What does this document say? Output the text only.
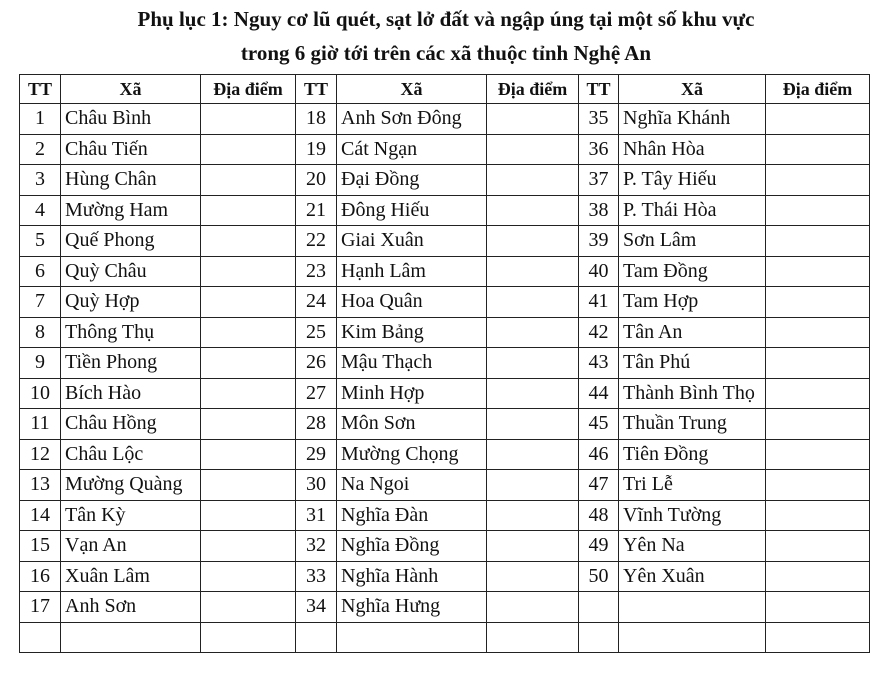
Phụ lục 1: Nguy cơ lũ quét, sạt lở đất và ngập úng tại một số khu vực
trong 6 giờ tới trên các xã thuộc tỉnh Nghệ An
TT	Xã	Địa điểm	TT	Xã	Địa điểm	TT	Xã	Địa điểm
1	Châu Bình		18	Anh Sơn Đông		35	Nghĩa Khánh	
2	Châu Tiến		19	Cát Ngạn		36	Nhân Hòa	
3	Hùng Chân		20	Đại Đồng		37	P. Tây Hiếu	
4	Mường Ham		21	Đông Hiếu		38	P. Thái Hòa	
5	Quế Phong		22	Giai Xuân		39	Sơn Lâm	
6	Quỳ Châu		23	Hạnh Lâm		40	Tam Đồng	
7	Quỳ Hợp		24	Hoa Quân		41	Tam Hợp	
8	Thông Thụ		25	Kim Bảng		42	Tân An	
9	Tiền Phong		26	Mậu Thạch		43	Tân Phú	
10	Bích Hào		27	Minh Hợp		44	Thành Bình Thọ	
11	Châu Hồng		28	Môn Sơn		45	Thuần Trung	
12	Châu Lộc		29	Mường Chọng		46	Tiên Đồng	
13	Mường Quàng		30	Na Ngoi		47	Tri Lễ	
14	Tân Kỳ		31	Nghĩa Đàn		48	Vĩnh Tường	
15	Vạn An		32	Nghĩa Đồng		49	Yên Na	
16	Xuân Lâm		33	Nghĩa Hành		50	Yên Xuân	
17	Anh Sơn		34	Nghĩa Hưng				
